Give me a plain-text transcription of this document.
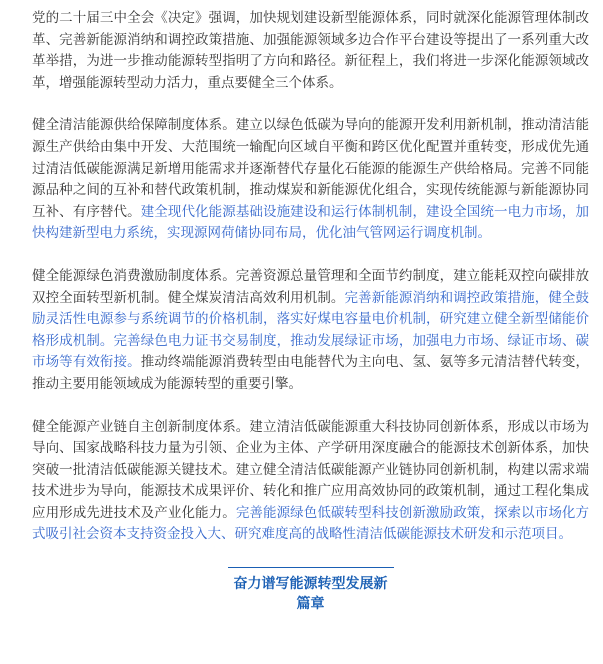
党的二十届三中全会《决定》强调，加快规划建设新型能源体系，同时就深化能源管理体制改革、完善新能源消纳和调控政策措施、加强能源领域多边合作平台建设等提出了一系列重大改革举措，为进一步推动能源转型指明了方向和路径。新征程上，我们将进一步深化能源领域改革，增强能源转型动力活力，重点要健全三个体系。

健全清洁能源供给保障制度体系。建立以绿色低碳为导向的能源开发利用新机制，推动清洁能源生产供给由集中开发、大范围统一输配向区域自平衡和跨区优化配置并重转变，形成优先通过清洁低碳能源满足新增用能需求并逐渐替代存量化石能源的能源生产供给格局。完善不同能源品种之间的互补和替代政策机制，推动煤炭和新能源优化组合，实现传统能源与新能源协同互补、有序替代。建全现代化能源基础设施建设和运行体制机制，建设全国统一电力市场，加快构建新型电力系统，实现源网荷储协同布局，优化油气管网运行调度机制。

健全能源绿色消费激励制度体系。完善资源总量管理和全面节约制度，建立能耗双控向碳排放双控全面转型新机制。健全煤炭清洁高效利用机制。完善新能源消纳和调控政策措施，健全鼓励灵活性电源参与系统调节的价格机制，落实好煤电容量电价机制，研究建立健全新型储能价格形成机制。完善绿色电力证书交易制度，推动发展绿证市场，加强电力市场、绿证市场、碳市场等有效衔接。推动终端能源消费转型由电能替代为主向电、氢、氨等多元清洁替代转变，推动主要用能领域成为能源转型的重要引擎。

健全能源产业链自主创新制度体系。建立清洁低碳能源重大科技协同创新体系，形成以市场为导向、国家战略科技力量为引领、企业为主体、产学研用深度融合的能源技术创新体系，加快突破一批清洁低碳能源关键技术。建立健全清洁低碳能源产业链协同创新机制，构建以需求端技术进步为导向，能源技术成果评价、转化和推广应用高效协同的政策机制，通过工程化集成应用形成先进技术及产业化能力。完善能源绿色低碳转型科技创新激励政策，探索以市场化方式吸引社会资本支持资金投入大、研究难度高的战略性清洁低碳能源技术研发和示范项目。

奋力谱写能源转型发展新篇章
